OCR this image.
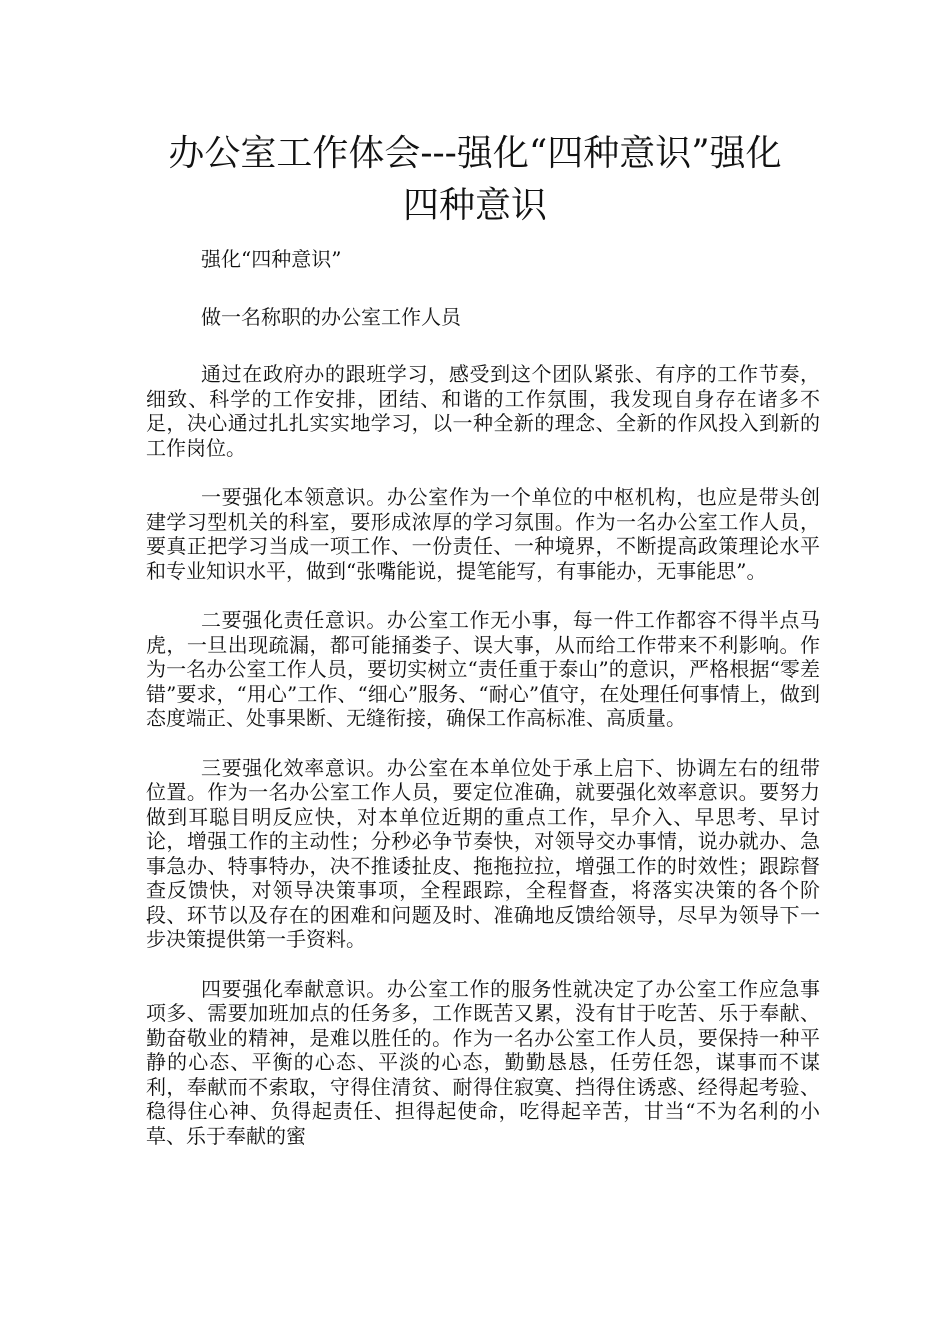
办公室工作体会---强化“四种意识”强化
四种意识

强化“四种意识”

做一名称职的办公室工作人员

通过在政府办的跟班学习，感受到这个团队紧张、有序的工作节奏，细致、科学的工作安排，团结、和谐的工作氛围，我发现自身存在诸多不足，决心通过扎扎实实地学习，以一种全新的理念、全新的作风投入到新的工作岗位。

一要强化本领意识。办公室作为一个单位的中枢机构，也应是带头创建学习型机关的科室，要形成浓厚的学习氛围。作为一名办公室工作人员，要真正把学习当成一项工作、一份责任、一种境界，不断提高政策理论水平和专业知识水平，做到“张嘴能说，提笔能写，有事能办，无事能思”。

二要强化责任意识。办公室工作无小事，每一件工作都容不得半点马虎，一旦出现疏漏，都可能捅娄子、误大事，从而给工作带来不利影响。作为一名办公室工作人员，要切实树立“责任重于泰山”的意识，严格根据“零差错”要求，“用心”工作、“细心”服务、“耐心”值守，在处理任何事情上，做到态度端正、处事果断、无缝衔接，确保工作高标准、高质量。

三要强化效率意识。办公室在本单位处于承上启下、协调左右的纽带位置。作为一名办公室工作人员，要定位准确，就要强化效率意识。要努力做到耳聪目明反应快，对本单位近期的重点工作，早介入、早思考、早讨论，增强工作的主动性；分秒必争节奏快，对领导交办事情，说办就办、急事急办、特事特办，决不推诿扯皮、拖拖拉拉，增强工作的时效性；跟踪督查反馈快，对领导决策事项，全程跟踪，全程督查，将落实决策的各个阶段、环节以及存在的困难和问题及时、准确地反馈给领导，尽早为领导下一步决策提供第一手资料。

四要强化奉献意识。办公室工作的服务性就决定了办公室工作应急事项多、需要加班加点的任务多，工作既苦又累，没有甘于吃苦、乐于奉献、勤奋敬业的精神，是难以胜任的。作为一名办公室工作人员，要保持一种平静的心态、平衡的心态、平淡的心态，勤勤恳恳，任劳任怨，谋事而不谋利，奉献而不索取，守得住清贫、耐得住寂寞、挡得住诱惑、经得起考验、稳得住心神、负得起责任、担得起使命，吃得起辛苦，甘当“不为名利的小草、乐于奉献的蜜
